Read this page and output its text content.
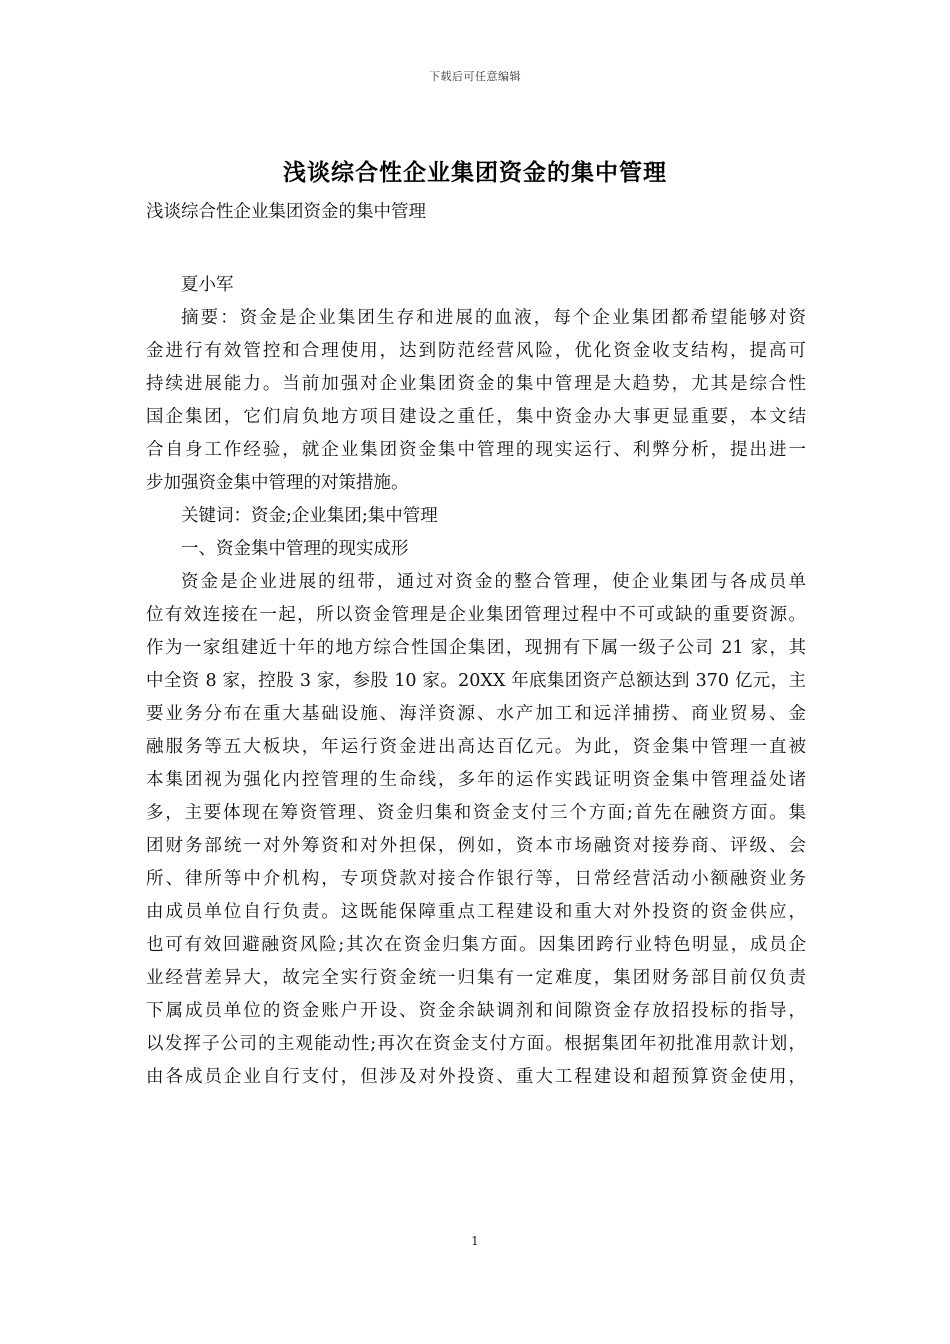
下载后可任意编辑
浅谈综合性企业集团资金的集中管理
浅谈综合性企业集团资金的集中管理
夏小军
摘要：资金是企业集团生存和进展的血液，每个企业集团都希望能够对资
金进行有效管控和合理使用，达到防范经营风险，优化资金收支结构，提高可
持续进展能力。当前加强对企业集团资金的集中管理是大趋势，尤其是综合性
国企集团，它们肩负地方项目建设之重任，集中资金办大事更显重要，本文结
合自身工作经验，就企业集团资金集中管理的现实运行、利弊分析，提出进一
步加强资金集中管理的对策措施。
关键词：资金;企业集团;集中管理
一、资金集中管理的现实成形
资金是企业进展的纽带，通过对资金的整合管理，使企业集团与各成员单
位有效连接在一起，所以资金管理是企业集团管理过程中不可或缺的重要资源。
作为一家组建近十年的地方综合性国企集团，现拥有下属一级子公司 21 家，其
中全资 8 家，控股 3 家，参股 10 家。20XX 年底集团资产总额达到 370 亿元，主
要业务分布在重大基础设施、海洋资源、水产加工和远洋捕捞、商业贸易、金
融服务等五大板块，年运行资金进出高达百亿元。为此，资金集中管理一直被
本集团视为强化内控管理的生命线，多年的运作实践证明资金集中管理益处诸
多，主要体现在筹资管理、资金归集和资金支付三个方面;首先在融资方面。集
团财务部统一对外筹资和对外担保，例如，资本市场融资对接券商、评级、会
所、律所等中介机构，专项贷款对接合作银行等，日常经营活动小额融资业务
由成员单位自行负责。这既能保障重点工程建设和重大对外投资的资金供应，
也可有效回避融资风险;其次在资金归集方面。因集团跨行业特色明显，成员企
业经营差异大，故完全实行资金统一归集有一定难度，集团财务部目前仅负责
下属成员单位的资金账户开设、资金余缺调剂和间隙资金存放招投标的指导，
以发挥子公司的主观能动性;再次在资金支付方面。根据集团年初批准用款计划，
由各成员企业自行支付，但涉及对外投资、重大工程建设和超预算资金使用，
1
